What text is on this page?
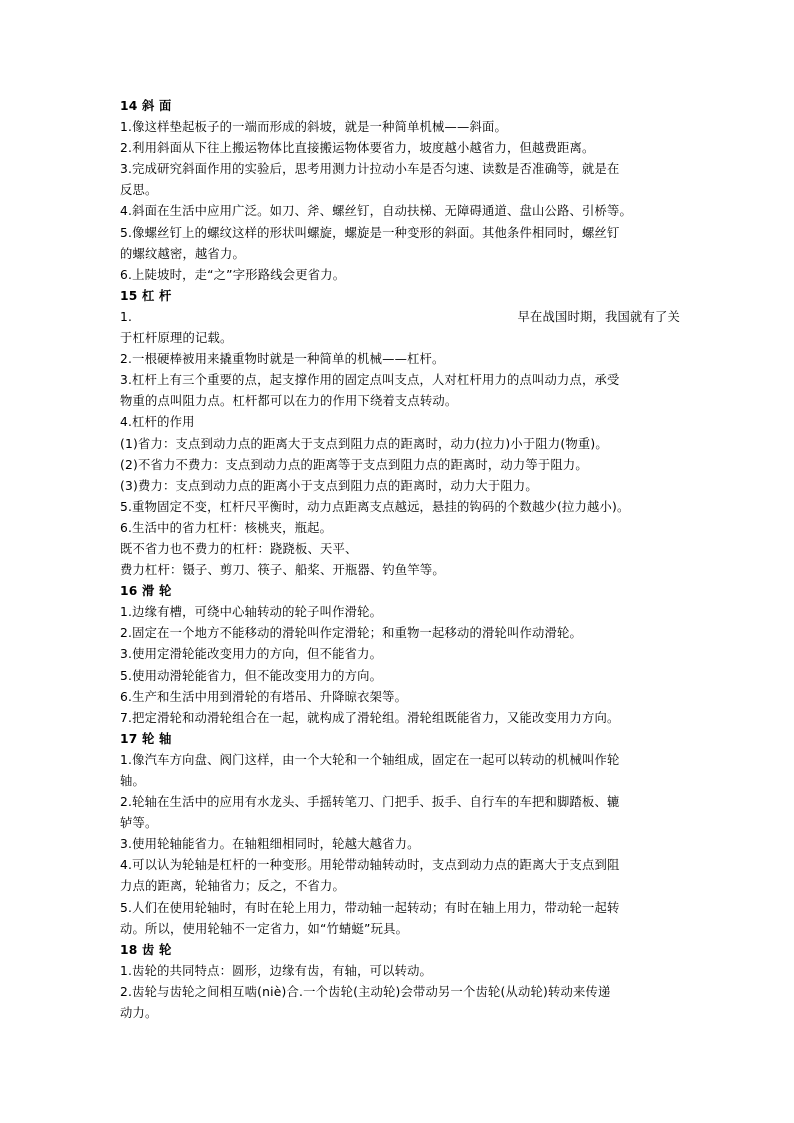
14 斜 面
1.像这样垫起板子的一端而形成的斜坡，就是一种简单机械——斜面。
2.利用斜面从下往上搬运物体比直接搬运物体要省力，坡度越小越省力，但越费距离。
3.完成研究斜面作用的实验后，思考用测力计拉动小车是否匀速、读数是否准确等，就是在
反思。
4.斜面在生活中应用广泛。如刀、斧、螺丝钉，自动扶梯、无障碍通道、盘山公路、引桥等。
5.像螺丝钉上的螺纹这样的形状叫螺旋，螺旋是一种变形的斜面。其他条件相同时，螺丝钉
的螺纹越密，越省力。
6.上陡坡时，走“之”字形路线会更省力。
15 杠 杆
1.	早在战国时期，我国就有了关
于杠杆原理的记载。
2.一根硬棒被用来撬重物时就是一种简单的机械——杠杆。
3.杠杆上有三个重要的点，起支撑作用的固定点叫支点，人对杠杆用力的点叫动力点，承受
物重的点叫阻力点。杠杆都可以在力的作用下绕着支点转动。
4.杠杆的作用
(1)省力：支点到动力点的距离大于支点到阻力点的距离时，动力(拉力)小于阻力(物重)。
(2)不省力不费力：支点到动力点的距离等于支点到阻力点的距离时，动力等于阻力。
(3)费力：支点到动力点的距离小于支点到阻力点的距离时，动力大于阻力。
5.重物固定不变，杠杆尺平衡时，动力点距离支点越远，悬挂的钩码的个数越少(拉力越小)。
6.生活中的省力杠杆：核桃夹，瓶起。
既不省力也不费力的杠杆：跷跷板、天平、
费力杠杆：镊子、剪刀、筷子、船桨、开瓶器、钓鱼竿等。
16 滑 轮
1.边缘有槽，可绕中心轴转动的轮子叫作滑轮。
2.固定在一个地方不能移动的滑轮叫作定滑轮；和重物一起移动的滑轮叫作动滑轮。
3.使用定滑轮能改变用力的方向，但不能省力。
5.使用动滑轮能省力，但不能改变用力的方向。
6.生产和生活中用到滑轮的有塔吊、升降晾衣架等。
7.把定滑轮和动滑轮组合在一起，就构成了滑轮组。滑轮组既能省力，又能改变用力方向。
17 轮 轴
1.像汽车方向盘、阀门这样，由一个大轮和一个轴组成，固定在一起可以转动的机械叫作轮
轴。
2.轮轴在生活中的应用有水龙头、手摇转笔刀、门把手、扳手、自行车的车把和脚踏板、辘
轳等。
3.使用轮轴能省力。在轴粗细相同时，轮越大越省力。
4.可以认为轮轴是杠杆的一种变形。用轮带动轴转动时，支点到动力点的距离大于支点到阻
力点的距离，轮轴省力；反之，不省力。
5.人们在使用轮轴时，有时在轮上用力，带动轴一起转动；有时在轴上用力，带动轮一起转
动。所以，使用轮轴不一定省力，如“竹蜻蜓”玩具。
18 齿 轮
1.齿轮的共同特点：圆形，边缘有齿，有轴，可以转动。
2.齿轮与齿轮之间相互啮(niè)合.一个齿轮(主动轮)会带动另一个齿轮(从动轮)转动来传递
动力。
